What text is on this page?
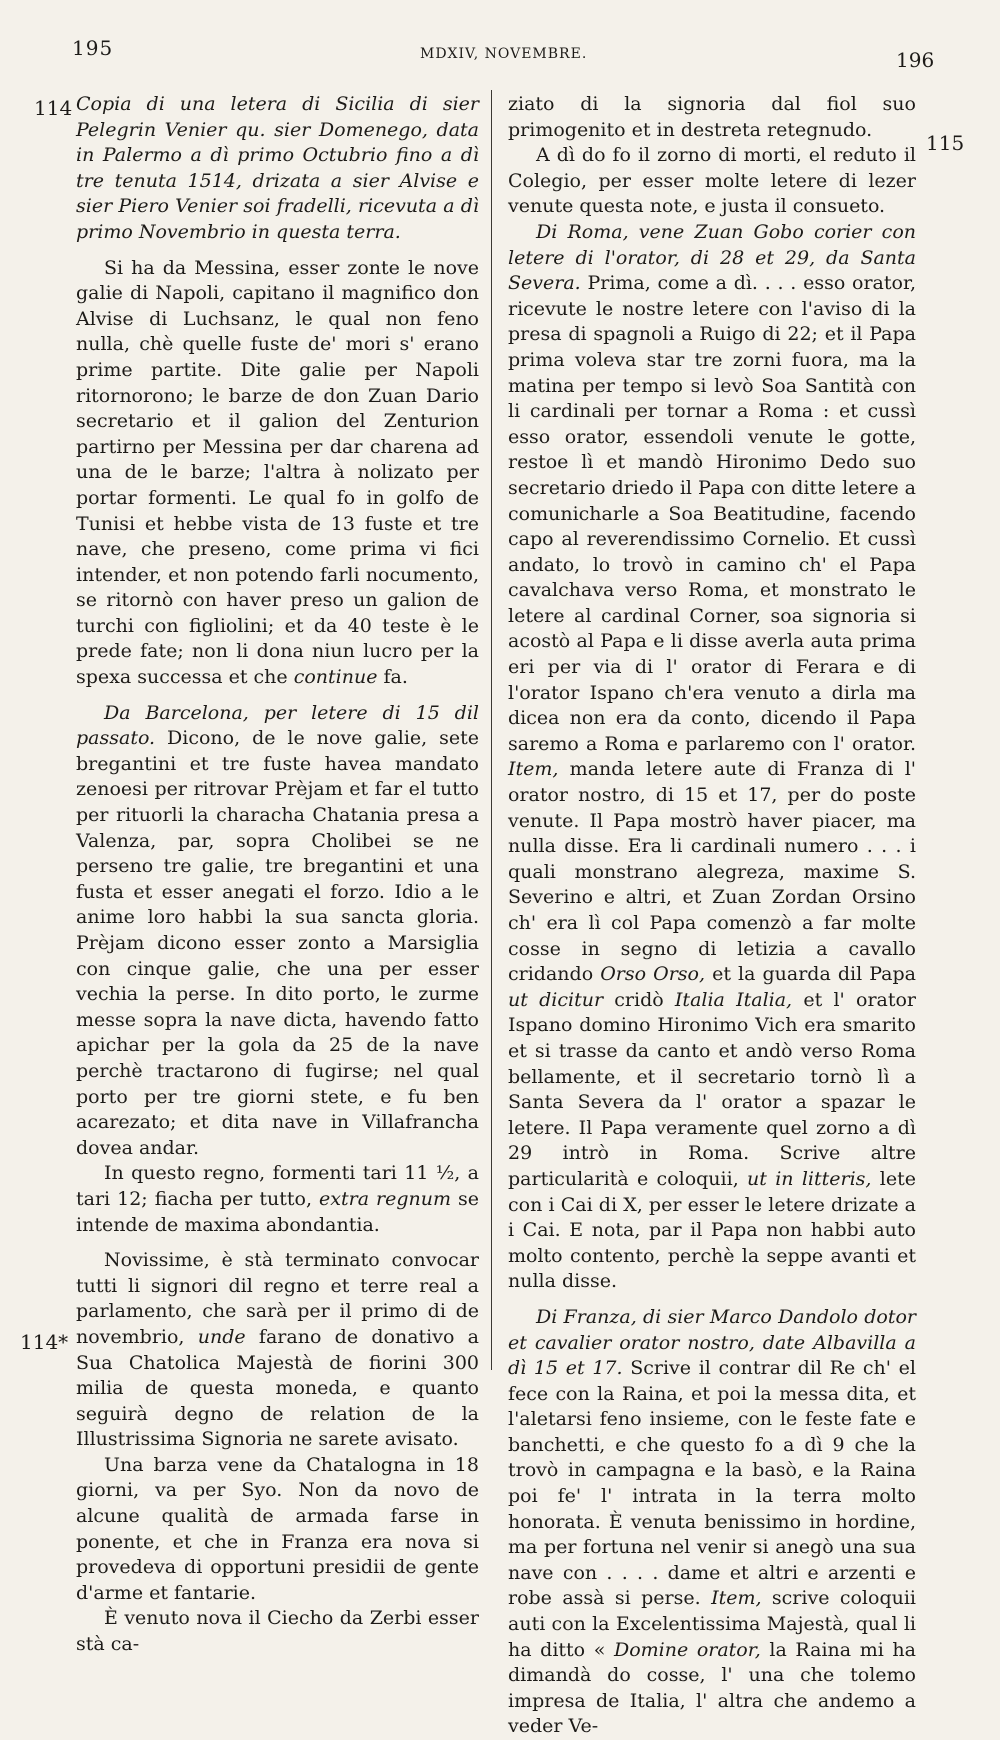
195	MDXIV, NOVEMBRE.	196
114
114*
115

Copia di una letera di Sicilia di sier Pelegrin Venier qu. sier Domenego, data in Palermo a dì primo Octubrio fino a dì tre tenuta 1514, drizata a sier Alvise e sier Piero Venier soi fradelli, ricevuta a dì primo Novembrio in questa terra.

Si ha da Messina, esser zonte le nove galie di Napoli, capitano il magnifico don Alvise di Luchsanz, le qual non feno nulla, chè quelle fuste de' mori s' erano prime partite. Dite galie per Napoli ritornorono; le barze de don Zuan Dario secretario et il galion del Zenturion partirno per Messina per dar charena ad una de le barze; l'altra à nolizato per portar formenti. Le qual fo in golfo de Tunisi et hebbe vista de 13 fuste et tre nave, che preseno, come prima vi fici intender, et non potendo farli nocumento, se ritornò con haver preso un galion de turchi con figliolini; et da 40 teste è le prede fate; non li dona niun lucro per la spexa successa et che continue fa.

Da Barcelona, per letere di 15 dil passato. Dicono, de le nove galie, sete bregantini et tre fuste havea mandato zenoesi per ritrovar Prèjam et far el tutto per rituorli la characha Chatania presa a Valenza, par, sopra Cholibei se ne perseno tre galie, tre bregantini et una fusta et esser anegati el forzo. Idio a le anime loro habbi la sua sancta gloria. Prèjam dicono esser zonto a Marsiglia con cinque galie, che una per esser vechia la perse. In dito porto, le zurme messe sopra la nave dicta, havendo fatto apichar per la gola da 25 de la nave perchè tractarono di fugirse; nel qual porto per tre giorni stete, e fu ben acarezato; et dita nave in Villafrancha dovea andar.

In questo regno, formenti tari 11 ½, a tari 12; fiacha per tutto, extra regnum se intende de maxima abondantia.

Novissime, è stà terminato convocar tutti li signori dil regno et terre real a parlamento, che sarà per il primo di de novembrio, unde farano de donativo a Sua Chatolica Majestà de fiorini 300 milia de questa moneda, e quanto seguirà degno de relation de la Illustrissima Signoria ne sarete avisato.

Una barza vene da Chatalogna in 18 giorni, va per Syo. Non da novo de alcune qualità de armada farse in ponente, et che in Franza era nova si provedeva di opportuni presidii de gente d'arme et fantarie.

È venuto nova il Ciecho da Zerbi esser stà ca-

ziato di la signoria dal fiol suo primogenito et in destreta retegnudo.

A dì do fo il zorno di morti, el reduto il Colegio, per esser molte letere di lezer venute questa note, e justa il consueto.

Di Roma, vene Zuan Gobo corier con letere di l'orator, di 28 et 29, da Santa Severa. Prima, come a dì. . . . esso orator, ricevute le nostre letere con l'aviso di la presa di spagnoli a Ruigo di 22; et il Papa prima voleva star tre zorni fuora, ma la matina per tempo si levò Soa Santità con li cardinali per tornar a Roma : et cussì esso orator, essendoli venute le gotte, restoe lì et mandò Hironimo Dedo suo secretario driedo il Papa con ditte letere a comunicharle a Soa Beatitudine, facendo capo al reverendissimo Cornelio. Et cussì andato, lo trovò in camino ch' el Papa cavalchava verso Roma, et monstrato le letere al cardinal Corner, soa signoria si acostò al Papa e li disse averla auta prima eri per via di l' orator di Ferara e di l'orator Ispano ch'era venuto a dirla ma dicea non era da conto, dicendo il Papa saremo a Roma e parlaremo con l' orator. Item, manda letere aute di Franza di l' orator nostro, di 15 et 17, per do poste venute. Il Papa mostrò haver piacer, ma nulla disse. Era li cardinali numero . . . i quali monstrano alegreza, maxime S. Severino e altri, et Zuan Zordan Orsino ch' era lì col Papa comenzò a far molte cosse in segno di letizia a cavallo cridando Orso Orso, et la guarda dil Papa ut dicitur cridò Italia Italia, et l' orator Ispano domino Hironimo Vich era smarito et si trasse da canto et andò verso Roma bellamente, et il secretario tornò lì a Santa Severa da l' orator a spazar le letere. Il Papa veramente quel zorno a dì 29 intrò in Roma. Scrive altre particularità e coloquii, ut in litteris, lete con i Cai di X, per esser le letere drizate a i Cai. E nota, par il Papa non habbi auto molto contento, perchè la seppe avanti et nulla disse.

Di Franza, di sier Marco Dandolo dotor et cavalier orator nostro, date Albavilla a dì 15 et 17. Scrive il contrar dil Re ch' el fece con la Raina, et poi la messa dita, et l'aletarsi feno insieme, con le feste fate e banchetti, e che questo fo a dì 9 che la trovò in campagna e la basò, e la Raina poi fe' l' intrata in la terra molto honorata. È venuta benissimo in hordine, ma per fortuna nel venir si anegò una sua nave con . . . . dame et altri e arzenti e robe assà si perse. Item, scrive coloquii auti con la Excelentissima Majestà, qual li ha ditto « Domine orator, la Raina mi ha dimandà do cosse, l' una che tolemo impresa de Italia, l' altra che andemo a veder Ve-
